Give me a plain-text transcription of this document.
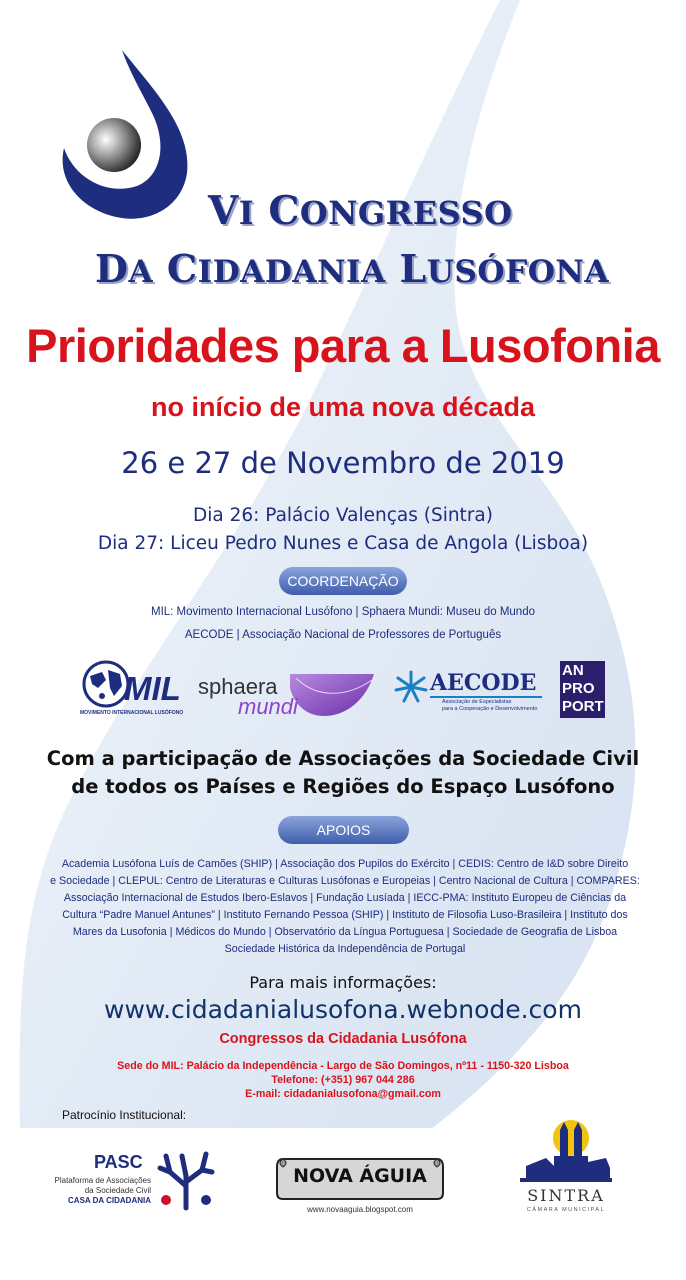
VI CONGRESSO
DA CIDADANIA LUSÓFONA
Prioridades para a Lusofonia
no início de uma nova década
26 e 27 de Novembro de 2019
Dia 26: Palácio Valenças (Sintra)
Dia 27: Liceu Pedro Nunes e Casa de Angola (Lisboa)
COORDENAÇÃO
MIL: Movimento Internacional Lusófono | Sphaera Mundi: Museu do Mundo
AECODE | Associação Nacional de Professores de Português
MIL
MOVIMENTO INTERNACIONAL LUSÓFONO
sphaera
mundi
AECODE
Associação de Especialistas
para a Cooperação e Desenvolvimento
AN
PRO
PORT
Com a participação de Associações da Sociedade Civil
de todos os Países e Regiões do Espaço Lusófono
APOIOS
Academia Lusófona Luís de Camões (SHIP) | Associação dos Pupilos do Exército | CEDIS: Centro de I&D sobre Direito
e Sociedade | CLEPUL: Centro de Literaturas e Culturas Lusófonas e Europeias | Centro Nacional de Cultura | COMPARES:
Associação Internacional de Estudos Ibero-Eslavos | Fundação Lusíada | IECC-PMA: Instituto Europeu de Ciências da
Cultura “Padre Manuel Antunes” | Instituto Fernando Pessoa (SHIP) | Instituto de Filosofia Luso-Brasileira | Instituto dos
Mares da Lusofonia | Médicos do Mundo | Observatório da Língua Portuguesa | Sociedade de Geografia de Lisboa
Sociedade Histórica da Independência de Portugal
Para mais informações:
www.cidadanialusofona.webnode.com
Congressos da Cidadania Lusófona
Sede do MIL: Palácio da Independência - Largo de São Domingos, nº11 - 1150-320 Lisboa
Telefone: (+351) 967 044 286
E-mail: cidadanialusofona@gmail.com
Patrocínio Institucional:
PASC
Plataforma de Associações
da Sociedade Civil
CASA DA CIDADANIA
NOVA ÁGUIA
www.novaaguia.blogspot.com
SINTRA
CÂMARA MUNICIPAL
